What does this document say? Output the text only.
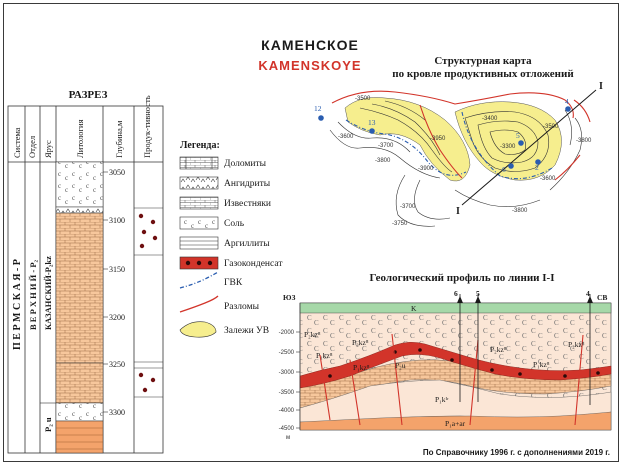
КАМЕНСКОЕ
KAMENSKOYE
РАЗРЕЗ
Система Отдел Ярус	Литология	Глубина,м Продук-тивность
П Е Р М С К А Я - P В Е Р Х Н И Й - P₂ КАЗАНСКИЙ-P₂kz
P₂ u
3050
3100
3150
3200
3250
3300
Легенда:
Доломиты
Ангидриты
Известняки
Соль
Аргиллиты
Газоконденсат
ГВК
Разломы
Залежи УВ
Структурная карта
по кровле продуктивных отложений
I
I
12
13
4
5
6	2
-3500
-3600
-3700
-3800
-3900
-3950
-3300
-3400
-3500
-3600
-3700
-3750
-3800
-3800
Геологический профиль по линии I-I
ЮЗ	СВ
K
6 5	4
-2000
-2500
-3000
-3500
-4000
-4500
м
P₂kz⁸
P₁kz⁸
P₂kz⁸
P₁kz⁸	P₂u
P₁kᴵʳ
P₁a+ar
P₂kz⁸
P₁kz⁸
P₂kz⁸
По Справочнику 1996 г. с дополнениями 2019 г.
